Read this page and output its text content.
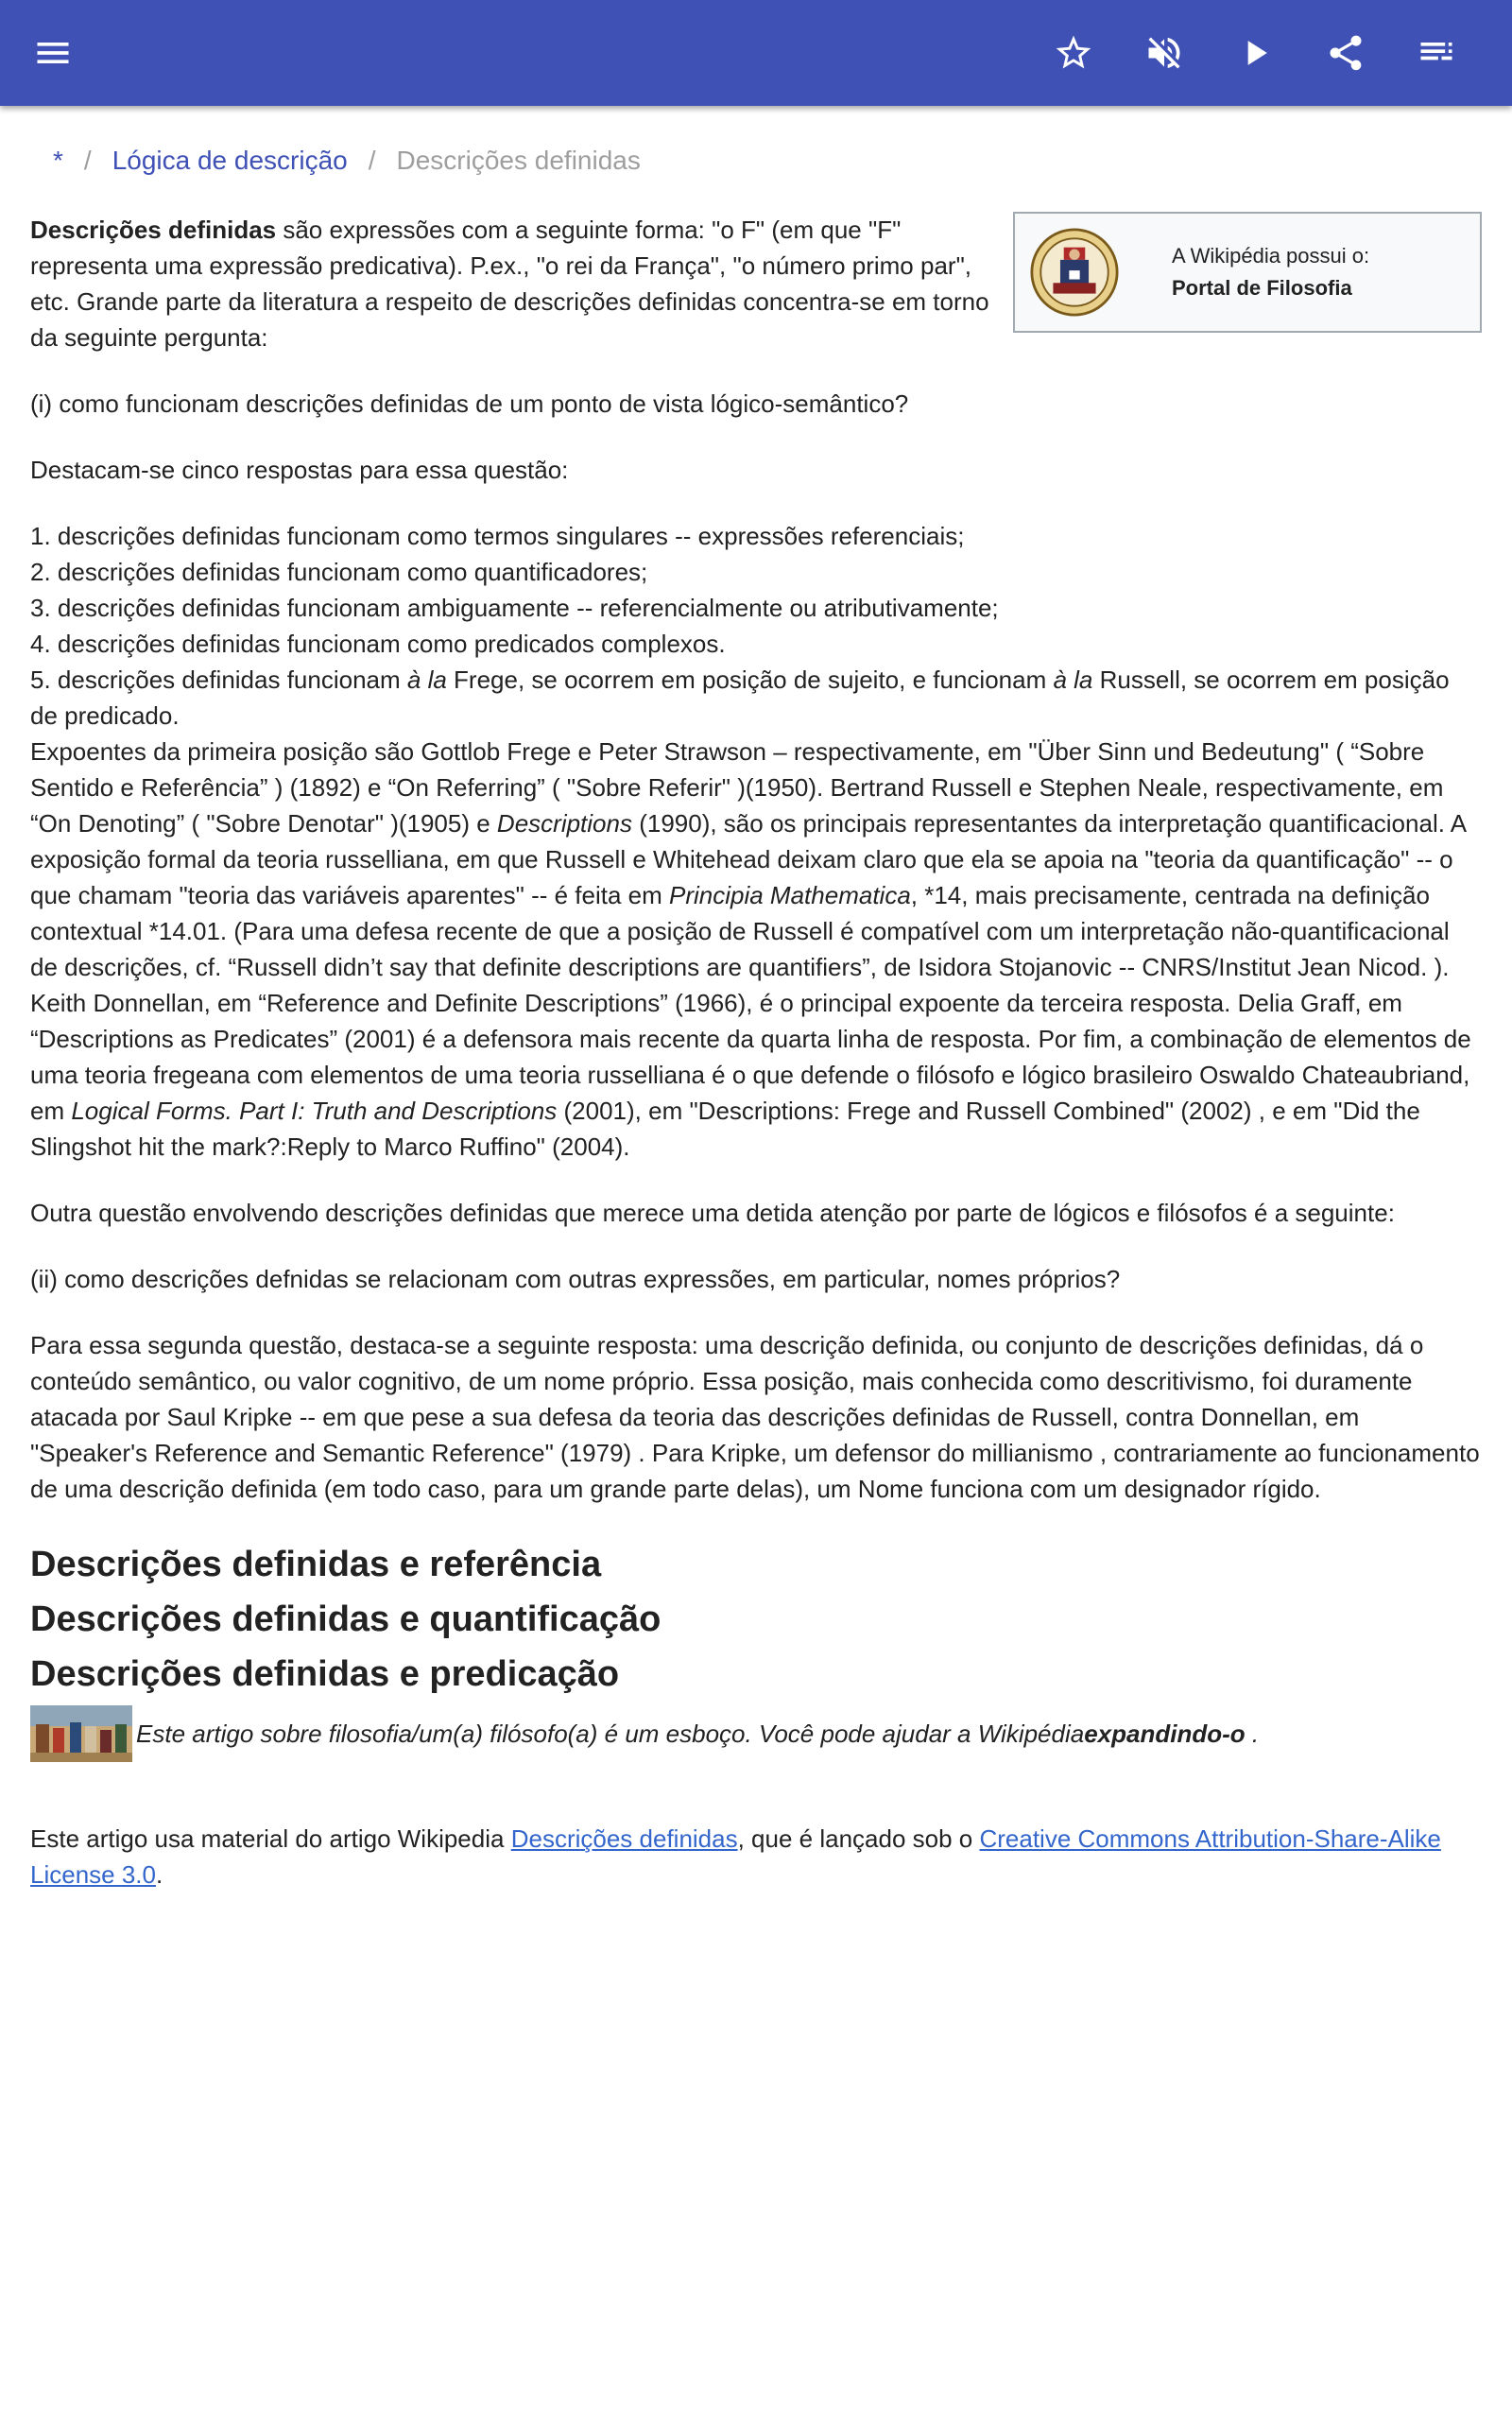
* / Lógica de descrição / Descrições definidas
A Wikipédia possui o:
Portal de Filosofia

Descrições definidas são expressões com a seguinte forma: "o F" (em que "F" representa uma expressão predicativa). P.ex., "o rei da França", "o número primo par", etc. Grande parte da literatura a respeito de descrições definidas concentra-se em torno da seguinte pergunta:

(i) como funcionam descrições definidas de um ponto de vista lógico-semântico?

Destacam-se cinco respostas para essa questão:

1. descrições definidas funcionam como termos singulares -- expressões referenciais;
2. descrições definidas funcionam como quantificadores;
3. descrições definidas funcionam ambiguamente -- referencialmente ou atributivamente;
4. descrições definidas funcionam como predicados complexos.
5. descrições definidas funcionam à la Frege, se ocorrem em posição de sujeito, e funcionam à la Russell, se ocorrem em posição de predicado.

Expoentes da primeira posição são Gottlob Frege e Peter Strawson – respectivamente, em "Über Sinn und Bedeutung" ( “Sobre Sentido e Referência” ) (1892) e “On Referring” ( "Sobre Referir" )(1950). Bertrand Russell e Stephen Neale, respectivamente, em “On Denoting” ( "Sobre Denotar" )(1905) e Descriptions (1990), são os principais representantes da interpretação quantificacional. A exposição formal da teoria russelliana, em que Russell e Whitehead deixam claro que ela se apoia na "teoria da quantificação" -- o que chamam "teoria das variáveis aparentes" -- é feita em Principia Mathematica, *14, mais precisamente, centrada na definição contextual *14.01. (Para uma defesa recente de que a posição de Russell é compatível com um interpretação não-quantificacional de descrições, cf. “Russell didn’t say that definite descriptions are quantifiers”, de Isidora Stojanovic -- CNRS/Institut Jean Nicod. ). Keith Donnellan, em “Reference and Definite Descriptions” (1966), é o principal expoente da terceira resposta. Delia Graff, em “Descriptions as Predicates” (2001) é a defensora mais recente da quarta linha de resposta. Por fim, a combinação de elementos de uma teoria fregeana com elementos de uma teoria russelliana é o que defende o filósofo e lógico brasileiro Oswaldo Chateaubriand, em Logical Forms. Part I: Truth and Descriptions (2001), em "Descriptions: Frege and Russell Combined" (2002) , e em "Did the Slingshot hit the mark?:Reply to Marco Ruffino" (2004).

Outra questão envolvendo descrições definidas que merece uma detida atenção por parte de lógicos e filósofos é a seguinte:

(ii) como descrições defnidas se relacionam com outras expressões, em particular, nomes próprios?

Para essa segunda questão, destaca-se a seguinte resposta: uma descrição definida, ou conjunto de descrições definidas, dá o conteúdo semântico, ou valor cognitivo, de um nome próprio. Essa posição, mais conhecida como descritivismo, foi duramente atacada por Saul Kripke -- em que pese a sua defesa da teoria das descrições definidas de Russell, contra Donnellan, em "Speaker's Reference and Semantic Reference" (1979) . Para Kripke, um defensor do millianismo , contrariamente ao funcionamento de uma descrição definida (em todo caso, para um grande parte delas), um Nome funciona com um designador rígido.

Descrições definidas e referência
Descrições definidas e quantificação
Descrições definidas e predicação
Este artigo sobre filosofia/um(a) filósofo(a) é um esboço. Você pode ajudar a Wikipédia expandindo-o .

Este artigo usa material do artigo Wikipedia Descrições definidas, que é lançado sob o Creative Commons Attribution-Share-Alike License 3.0.
